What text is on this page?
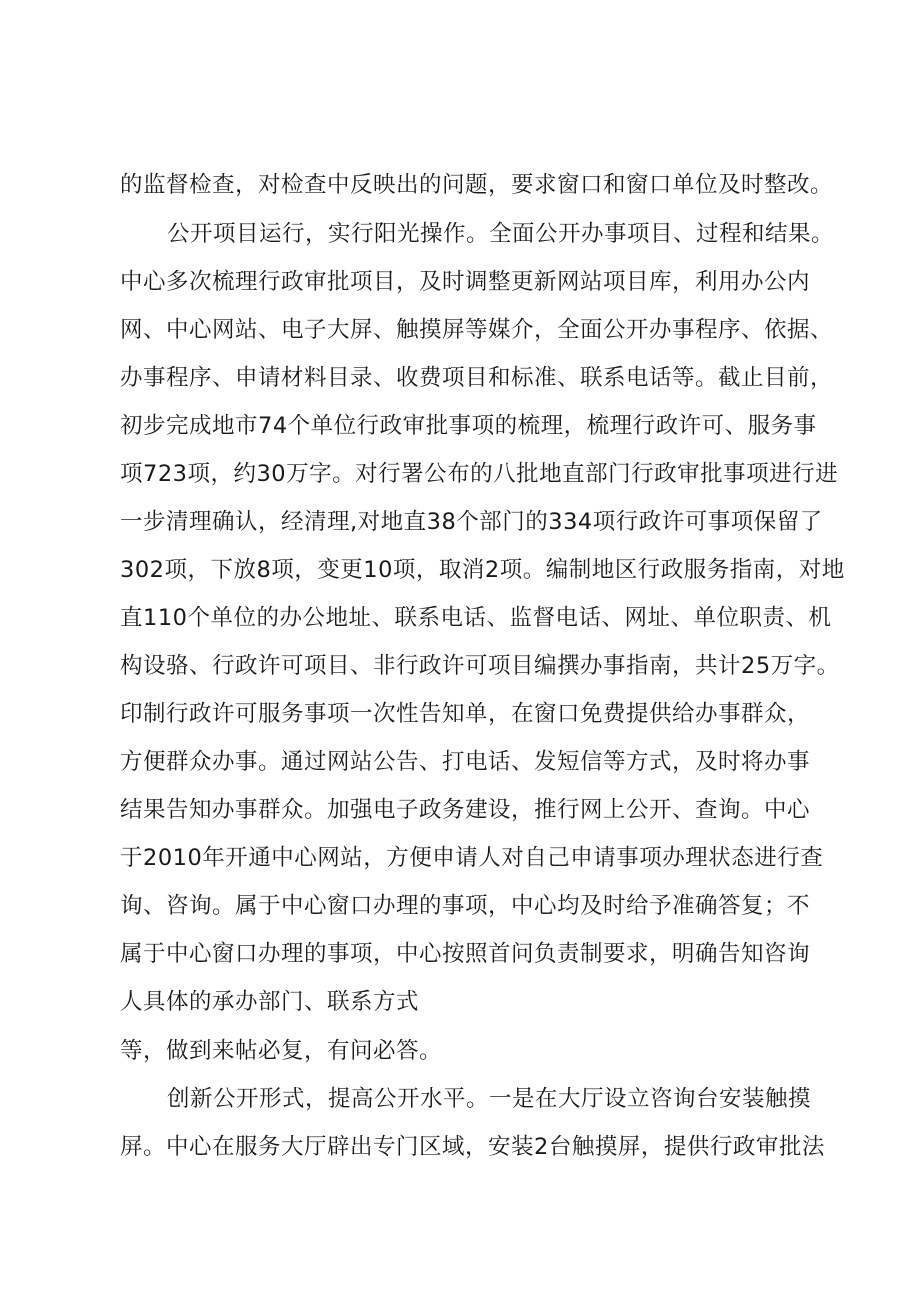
的监督检查，对检查中反映出的问题，要求窗口和窗口单位及时整改。
公开项目运行，实行阳光操作。全面公开办事项目、过程和结果。
中心多次梳理行政审批项目，及时调整更新网站项目库，利用办公内
网、中心网站、电子大屏、触摸屏等媒介，全面公开办事程序、依据、
办事程序、申请材料目录、收费项目和标准、联系电话等。截止目前，
初步完成地市74个单位行政审批事项的梳理，梳理行政许可、服务事
项723项，约30万字。对行署公布的八批地直部门行政审批事项进行进
一步清理确认，经清理,对地直38个部门的334项行政许可事项保留了
302项，下放8项，变更10项，取消2项。编制地区行政服务指南，对地
直110个单位的办公地址、联系电话、监督电话、网址、单位职责、机
构设骆、行政许可项目、非行政许可项目编撰办事指南，共计25万字。
印制行政许可服务事项一次性告知单，在窗口免费提供给办事群众，
方便群众办事。通过网站公告、打电话、发短信等方式，及时将办事
结果告知办事群众。加强电子政务建设，推行网上公开、查询。中心
于2010年开通中心网站，方便申请人对自己申请事项办理状态进行查
询、咨询。属于中心窗口办理的事项，中心均及时给予准确答复；不
属于中心窗口办理的事项，中心按照首问负责制要求，明确告知咨询
人具体的承办部门、联系方式
等，做到来帖必复，有问必答。
创新公开形式，提高公开水平。一是在大厅设立咨询台安装触摸
屏。中心在服务大厅辟出专门区域，安装2台触摸屏，提供行政审批法
